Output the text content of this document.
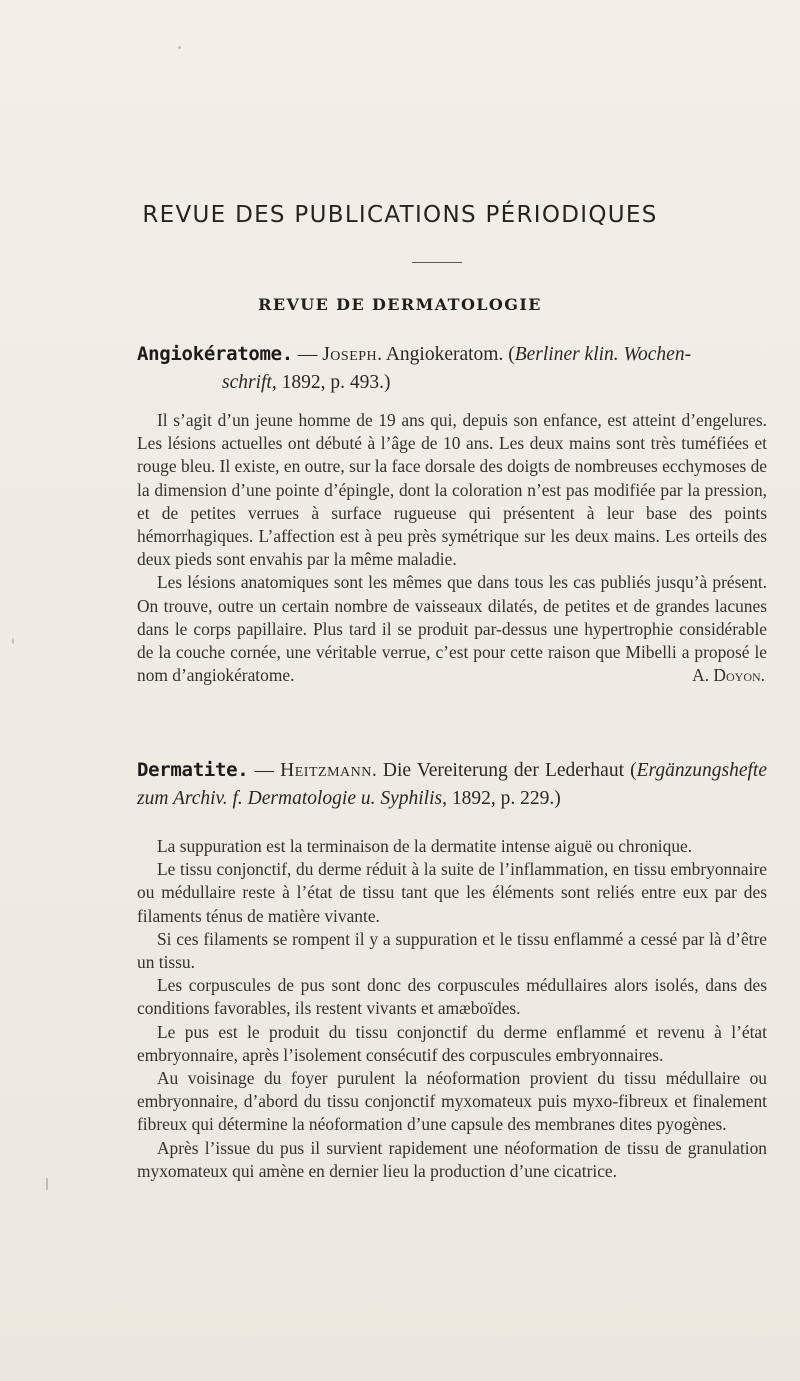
REVUE DES PUBLICATIONS PÉRIODIQUES
REVUE DE DERMATOLOGIE
Angiokératome. — Joseph. Angiokeratom. (Berliner klin. Wochen-
schrift, 1892, p. 493.)

Il s’agit d’un jeune homme de 19 ans qui, depuis son enfance, est atteint d’engelures. Les lésions actuelles ont débuté à l’âge de 10 ans. Les deux mains sont très tuméfiées et rouge bleu. Il existe, en outre, sur la face dorsale des doigts de nombreuses ecchymoses de la dimension d’une pointe d’épingle, dont la coloration n’est pas modifiée par la pression, et de petites verrues à surface rugueuse qui présentent à leur base des points hémorrhagiques. L’affection est à peu près symétrique sur les deux mains. Les orteils des deux pieds sont envahis par la même maladie.

Les lésions anatomiques sont les mêmes que dans tous les cas publiés jusqu’à présent. On trouve, outre un certain nombre de vaisseaux dilatés, de petites et de grandes lacunes dans le corps papillaire. Plus tard il se produit par-dessus une hypertrophie considérable de la couche cornée, une véritable verrue, c’est pour cette raison que Mibelli a proposé le nom d’angiokératome.	A. Doyon.
Dermatite. — Heitzmann. Die Vereiterung der Lederhaut (Ergänzungshefte zum Archiv. f. Dermatologie u. Syphilis, 1892, p. 229.)

La suppuration est la terminaison de la dermatite intense aiguë ou chronique.

Le tissu conjonctif, du derme réduit à la suite de l’inflammation, en tissu embryonnaire ou médullaire reste à l’état de tissu tant que les éléments sont reliés entre eux par des filaments ténus de matière vivante.

Si ces filaments se rompent il y a suppuration et le tissu enflammé a cessé par là d’être un tissu.

Les corpuscules de pus sont donc des corpuscules médullaires alors isolés, dans des conditions favorables, ils restent vivants et amæboïdes.

Le pus est le produit du tissu conjonctif du derme enflammé et revenu à l’état embryonnaire, après l’isolement consécutif des corpuscules embryonnaires.

Au voisinage du foyer purulent la néoformation provient du tissu médullaire ou embryonnaire, d’abord du tissu conjonctif myxomateux puis myxo-fibreux et finalement fibreux qui détermine la néoformation d’une capsule des membranes dites pyogènes.

Après l’issue du pus il survient rapidement une néoformation de tissu de granulation myxomateux qui amène en dernier lieu la production d’une cicatrice.
